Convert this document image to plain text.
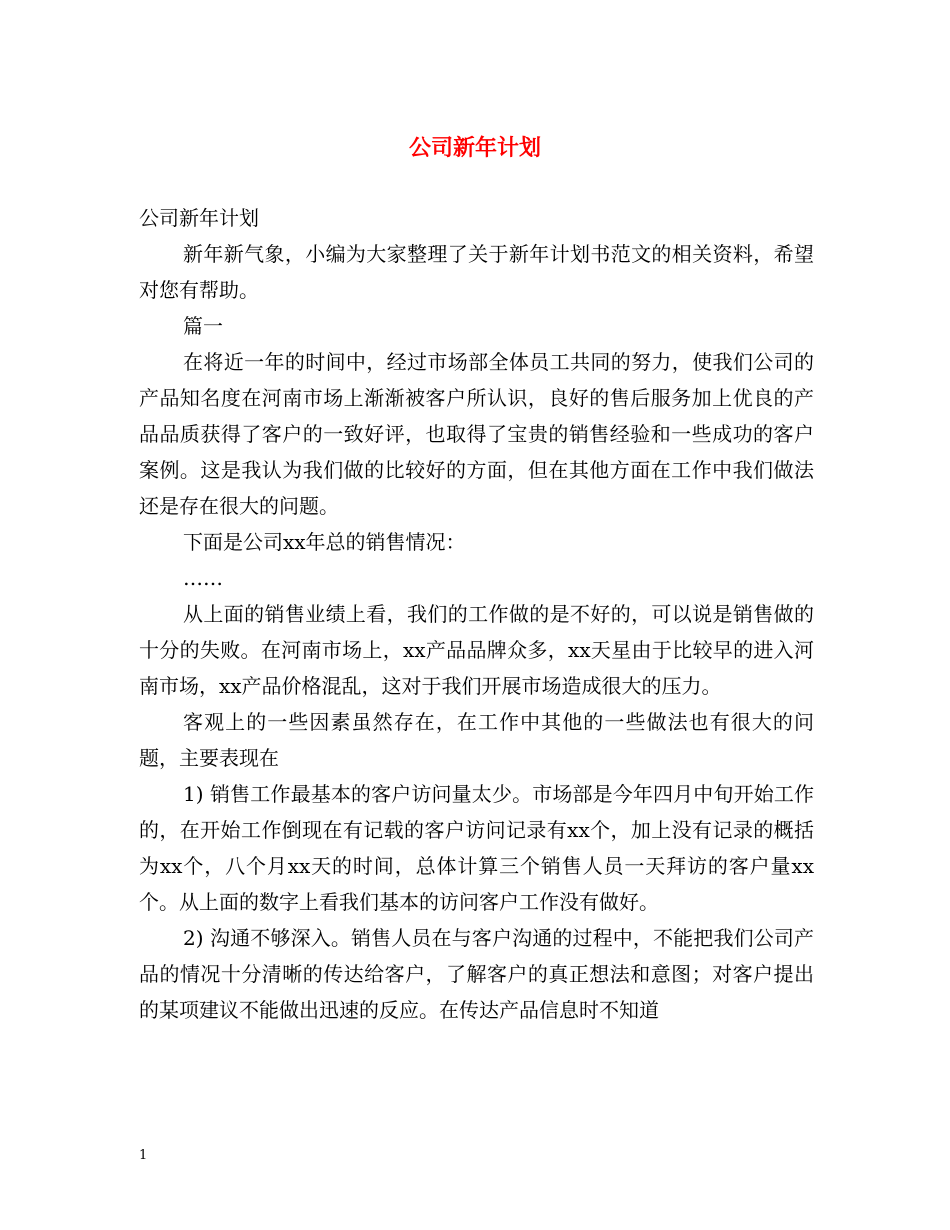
公司新年计划

公司新年计划

新年新气象，小编为大家整理了关于新年计划书范文的相关资料，希望对您有帮助。

篇一

在将近一年的时间中，经过市场部全体员工共同的努力，使我们公司的产品知名度在河南市场上渐渐被客户所认识，良好的售后服务加上优良的产品品质获得了客户的一致好评，也取得了宝贵的销售经验和一些成功的客户案例。这是我认为我们做的比较好的方面，但在其他方面在工作中我们做法还是存在很大的问题。

下面是公司xx年总的销售情况：

……

从上面的销售业绩上看，我们的工作做的是不好的，可以说是销售做的十分的失败。在河南市场上，xx产品品牌众多，xx天星由于比较早的进入河南市场，xx产品价格混乱，这对于我们开展市场造成很大的压力。

客观上的一些因素虽然存在，在工作中其他的一些做法也有很大的问题，主要表现在

1) 销售工作最基本的客户访问量太少。市场部是今年四月中旬开始工作的，在开始工作倒现在有记载的客户访问记录有xx个，加上没有记录的概括为xx个，八个月xx天的时间，总体计算三个销售人员一天拜访的客户量xx个。从上面的数字上看我们基本的访问客户工作没有做好。

2) 沟通不够深入。销售人员在与客户沟通的过程中，不能把我们公司产品的情况十分清晰的传达给客户，了解客户的真正想法和意图；对客户提出的某项建议不能做出迅速的反应。在传达产品信息时不知道

1
